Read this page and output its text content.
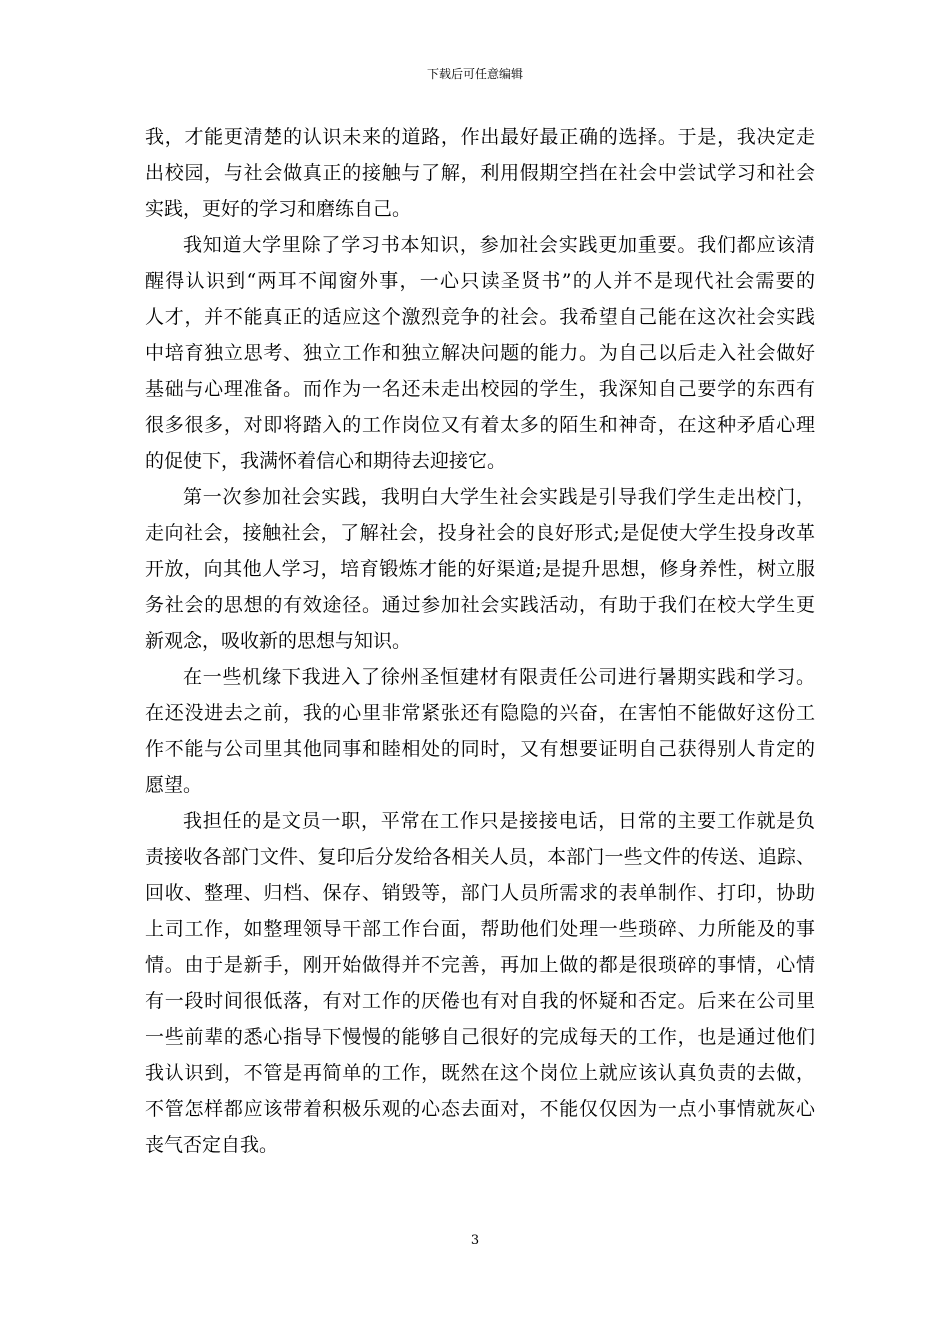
下载后可任意编辑
我，才能更清楚的认识未来的道路，作出最好最正确的选择。于是，我决定走
出校园，与社会做真正的接触与了解，利用假期空挡在社会中尝试学习和社会
实践，更好的学习和磨练自己。
我知道大学里除了学习书本知识，参加社会实践更加重要。我们都应该清
醒得认识到“两耳不闻窗外事，一心只读圣贤书”的人并不是现代社会需要的
人才，并不能真正的适应这个激烈竞争的社会。我希望自己能在这次社会实践
中培育独立思考、独立工作和独立解决问题的能力。为自己以后走入社会做好
基础与心理准备。而作为一名还未走出校园的学生，我深知自己要学的东西有
很多很多，对即将踏入的工作岗位又有着太多的陌生和神奇，在这种矛盾心理
的促使下，我满怀着信心和期待去迎接它。
第一次参加社会实践，我明白大学生社会实践是引导我们学生走出校门，
走向社会，接触社会，了解社会，投身社会的良好形式;是促使大学生投身改革
开放，向其他人学习，培育锻炼才能的好渠道;是提升思想，修身养性，树立服
务社会的思想的有效途径。通过参加社会实践活动，有助于我们在校大学生更
新观念，吸收新的思想与知识。
在一些机缘下我进入了徐州圣恒建材有限责任公司进行暑期实践和学习。
在还没进去之前，我的心里非常紧张还有隐隐的兴奋，在害怕不能做好这份工
作不能与公司里其他同事和睦相处的同时，又有想要证明自己获得别人肯定的
愿望。
我担任的是文员一职，平常在工作只是接接电话，日常的主要工作就是负
责接收各部门文件、复印后分发给各相关人员，本部门一些文件的传送、追踪、
回收、整理、归档、保存、销毁等，部门人员所需求的表单制作、打印，协助
上司工作，如整理领导干部工作台面，帮助他们处理一些琐碎、力所能及的事
情。由于是新手，刚开始做得并不完善，再加上做的都是很琐碎的事情，心情
有一段时间很低落，有对工作的厌倦也有对自我的怀疑和否定。后来在公司里
一些前辈的悉心指导下慢慢的能够自己很好的完成每天的工作，也是通过他们
我认识到，不管是再简单的工作，既然在这个岗位上就应该认真负责的去做，
不管怎样都应该带着积极乐观的心态去面对，不能仅仅因为一点小事情就灰心
丧气否定自我。
3
